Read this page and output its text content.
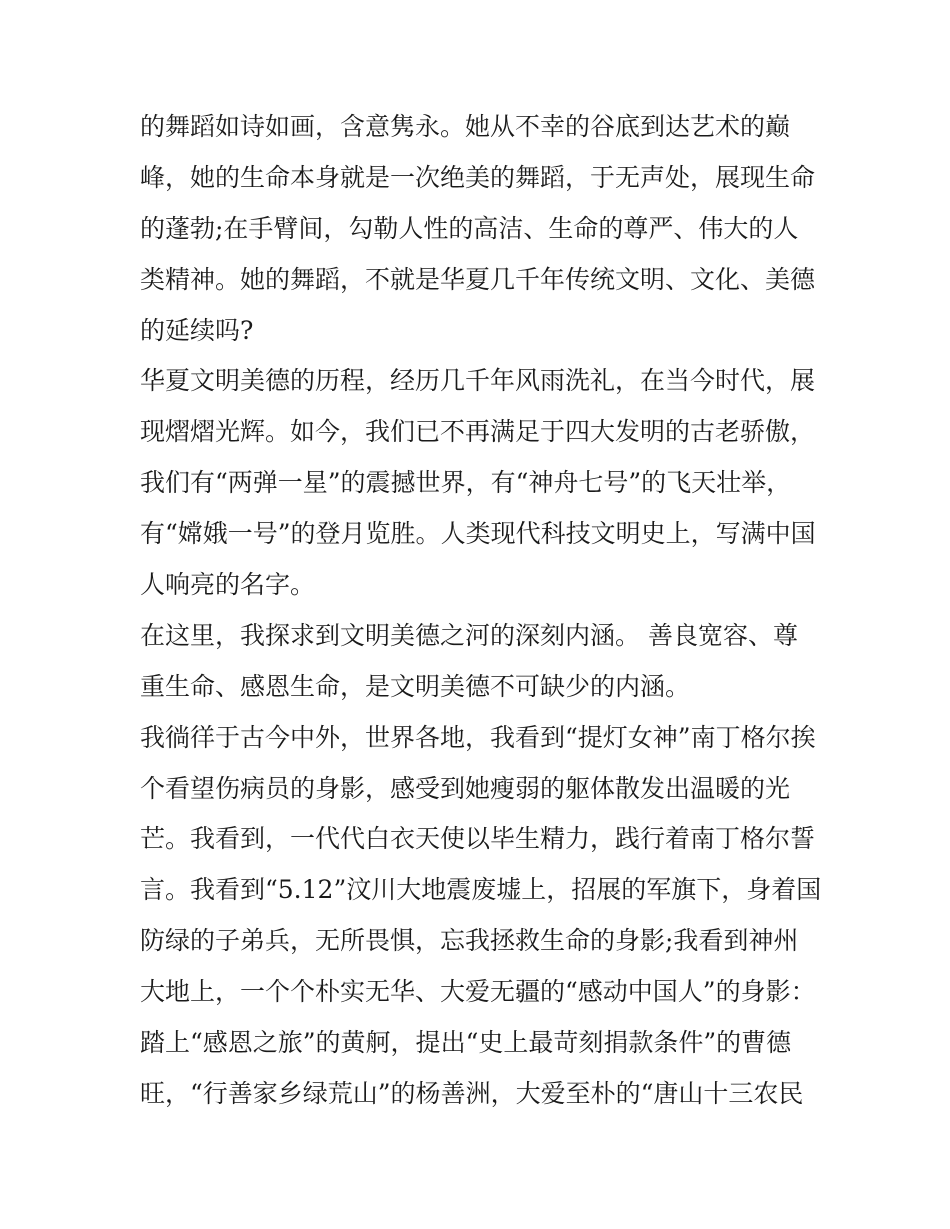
的舞蹈如诗如画，含意隽永。她从不幸的谷底到达艺术的巅
峰，她的生命本身就是一次绝美的舞蹈，于无声处，展现生命
的蓬勃;在手臂间，勾勒人性的高洁、生命的尊严、伟大的人
类精神。她的舞蹈，不就是华夏几千年传统文明、文化、美德
的延续吗?
华夏文明美德的历程，经历几千年风雨洗礼，在当今时代，展
现熠熠光辉。如今，我们已不再满足于四大发明的古老骄傲，
我们有“两弹一星”的震撼世界，有“神舟七号”的飞天壮举，
有“嫦娥一号”的登月览胜。人类现代科技文明史上，写满中国
人响亮的名字。
在这里，我探求到文明美德之河的深刻内涵。 善良宽容、尊
重生命、感恩生命，是文明美德不可缺少的内涵。
我徜徉于古今中外，世界各地，我看到“提灯女神”南丁格尔挨
个看望伤病员的身影，感受到她瘦弱的躯体散发出温暖的光
芒。我看到，一代代白衣天使以毕生精力，践行着南丁格尔誓
言。我看到“5.12”汶川大地震废墟上，招展的军旗下，身着国
防绿的子弟兵，无所畏惧，忘我拯救生命的身影;我看到神州
大地上，一个个朴实无华、大爱无疆的“感动中国人”的身影：
踏上“感恩之旅”的黄舸，提出“史上最苛刻捐款条件”的曹德
旺，“行善家乡绿荒山”的杨善洲，大爱至朴的“唐山十三农民
